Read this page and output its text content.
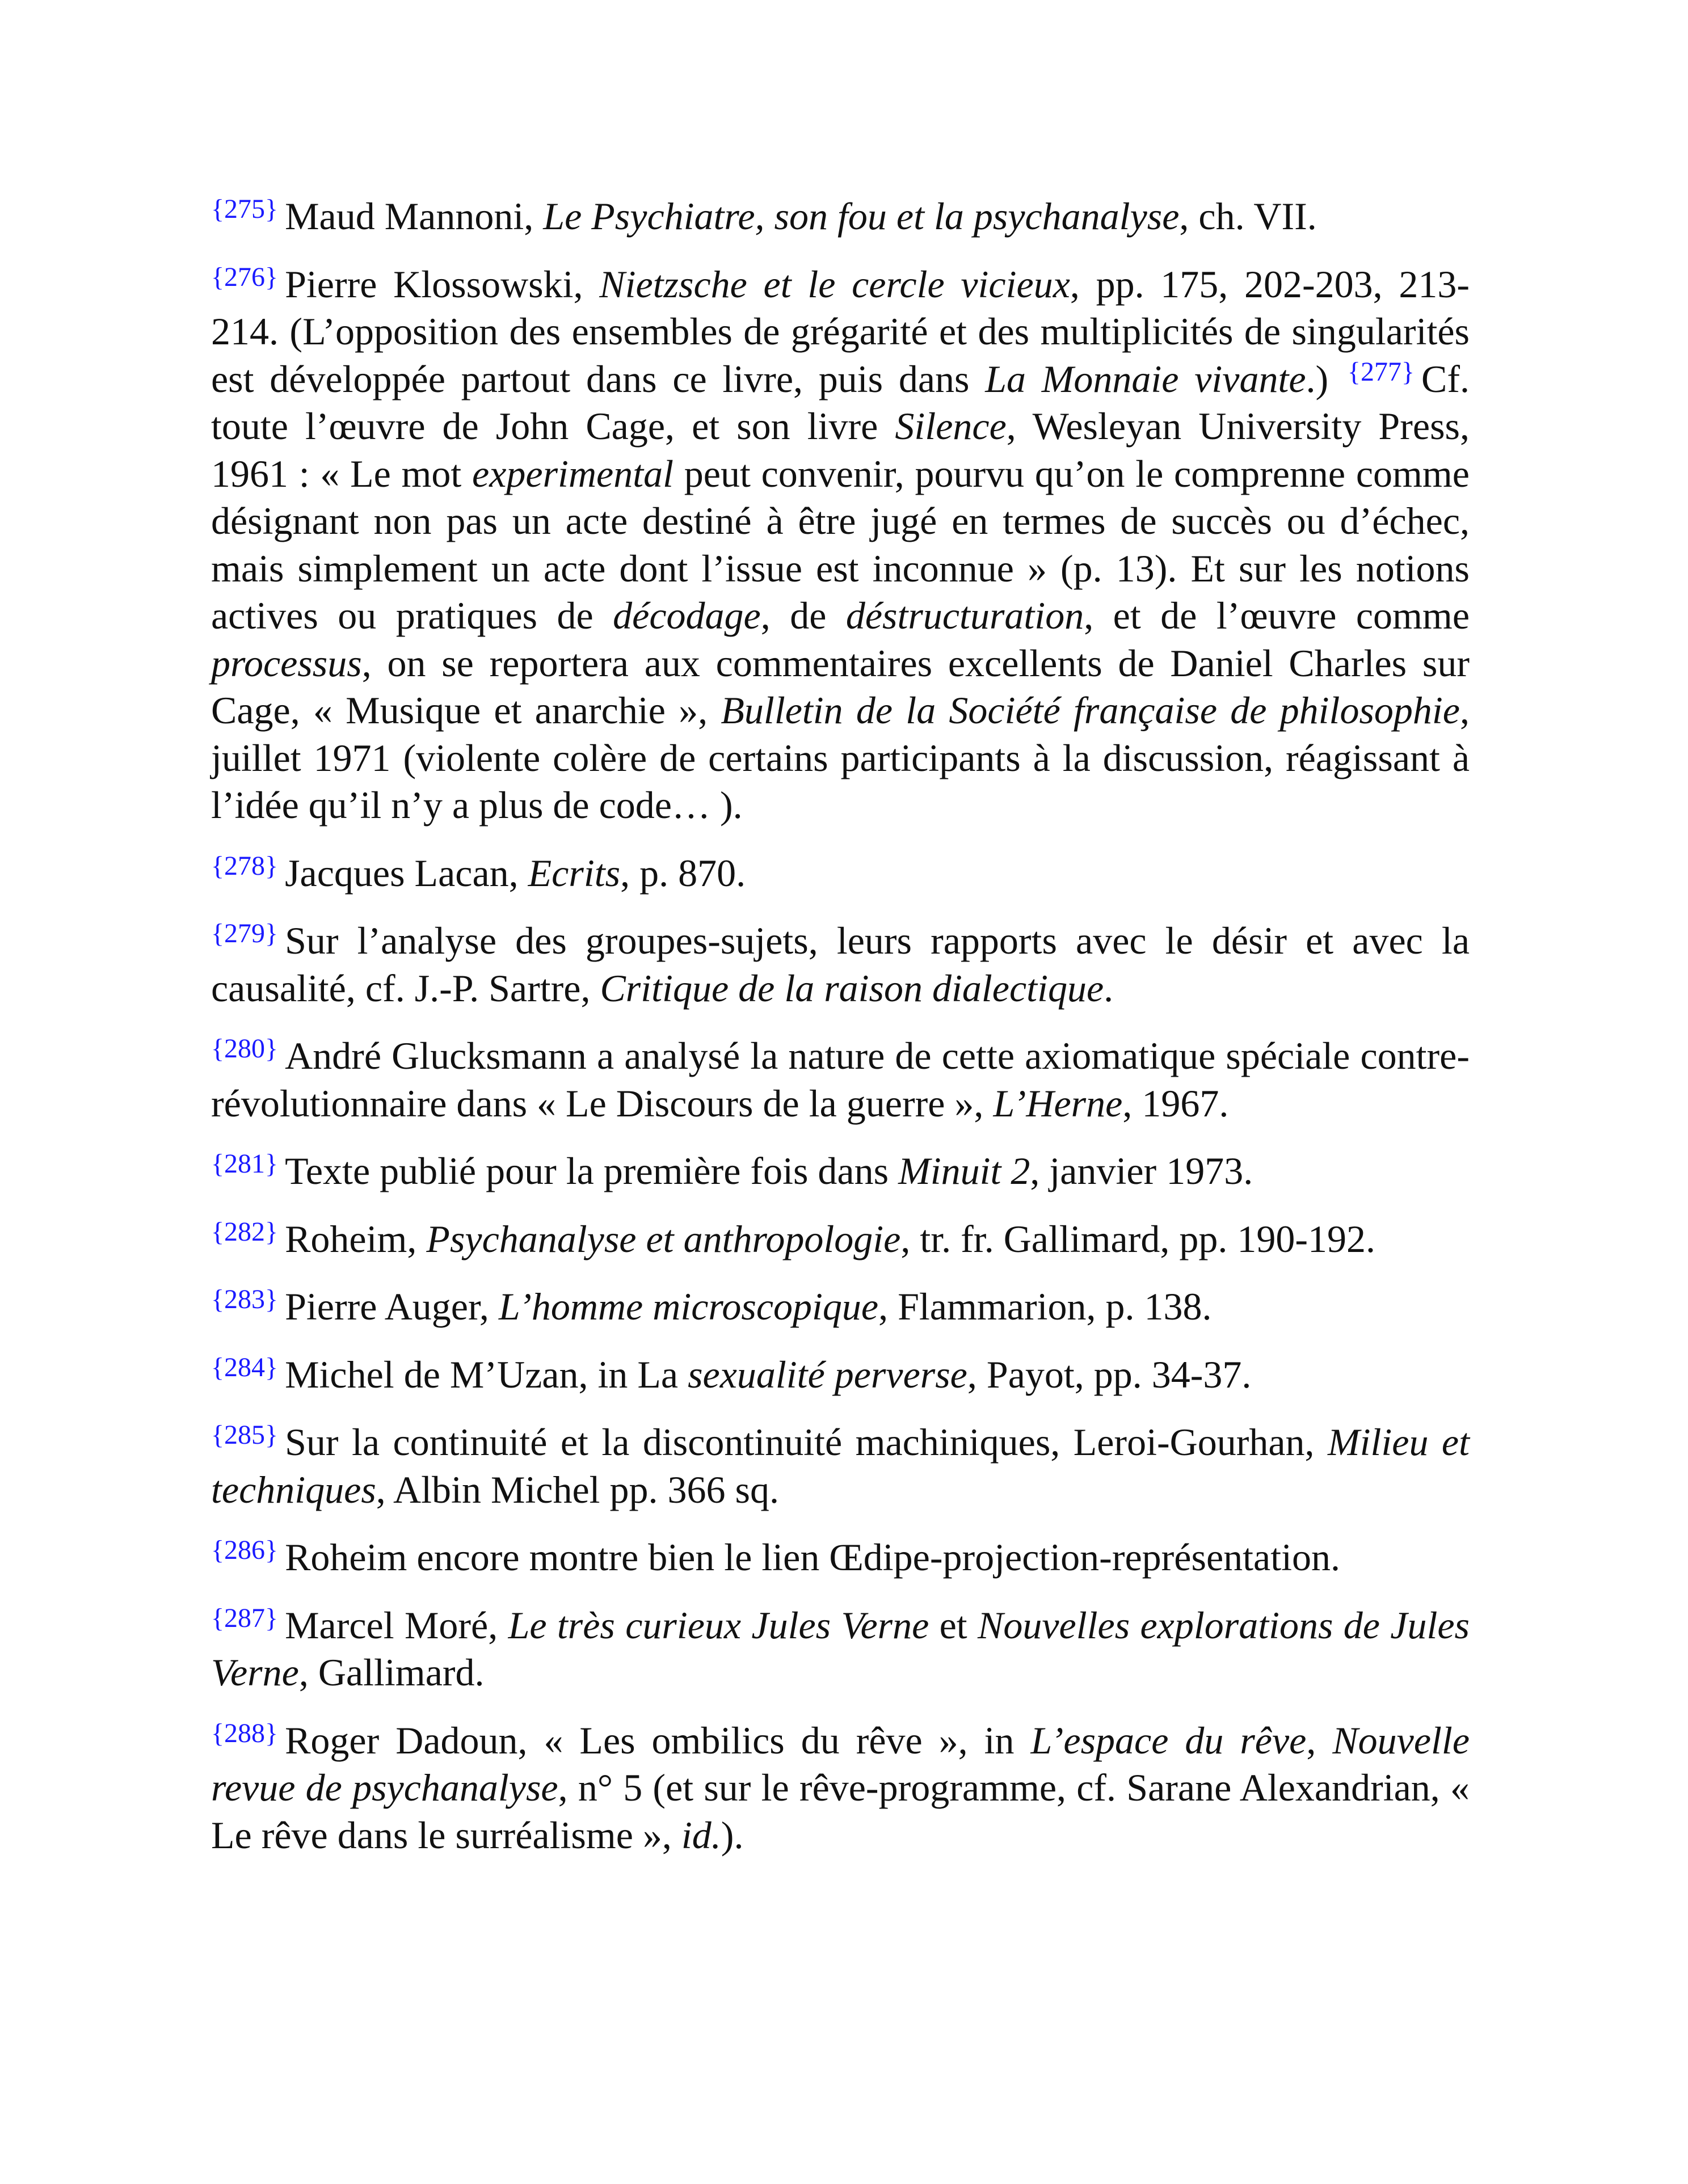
$^{\{275\}}$ Maud Mannoni, Le Psychiatre, son fou et la psychanalyse, ch. VII.

$^{\{276\}}$ Pierre Klossowski, Nietzsche et le cercle vicieux, pp. 175, 202-203, 213-214. (L’opposition des ensembles de grégarité et des multiplicités de singularités est développée partout dans ce livre, puis dans La Monnaie vivante.) $^{\{277\}}$ Cf. toute l’œuvre de John Cage, et son livre Silence, Wesleyan University Press, 1961 : « Le mot experimental peut convenir, pourvu qu’on le comprenne comme désignant non pas un acte destiné à être jugé en termes de succès ou d’échec, mais simplement un acte dont l’issue est inconnue » (p. 13). Et sur les notions actives ou pratiques de décodage, de déstructuration, et de l’œuvre comme processus, on se reportera aux commentaires excellents de Daniel Charles sur Cage, « Musique et anarchie », Bulletin de la Société française de philosophie, juillet 1971 (violente colère de certains participants à la discussion, réagissant à l’idée qu’il n’y a plus de code… ).

$^{\{278\}}$ Jacques Lacan, Ecrits, p. 870.

$^{\{279\}}$ Sur l’analyse des groupes-sujets, leurs rapports avec le désir et avec la causalité, cf. J.-P. Sartre, Critique de la raison dialectique.

$^{\{280\}}$ André Glucksmann a analysé la nature de cette axiomatique spéciale contre-révolutionnaire dans « Le Discours de la guerre », L’Herne, 1967.

$^{\{281\}}$ Texte publié pour la première fois dans Minuit 2, janvier 1973.

$^{\{282\}}$ Roheim, Psychanalyse et anthropologie, tr. fr. Gallimard, pp. 190-192.

$^{\{283\}}$ Pierre Auger, L’homme microscopique, Flammarion, p. 138.

$^{\{284\}}$ Michel de M’Uzan, in La sexualité perverse, Payot, pp. 34-37.

$^{\{285\}}$ Sur la continuité et la discontinuité machiniques, Leroi-Gourhan, Milieu et techniques, Albin Michel pp. 366 sq.

$^{\{286\}}$ Roheim encore montre bien le lien Œdipe-projection-représentation.

$^{\{287\}}$ Marcel Moré, Le très curieux Jules Verne et Nouvelles explorations de Jules Verne, Gallimard.

$^{\{288\}}$ Roger Dadoun, « Les ombilics du rêve », in L’espace du rêve, Nouvelle revue de psychanalyse, n° 5 (et sur le rêve-programme, cf. Sarane Alexandrian, « Le rêve dans le surréalisme », id.).
